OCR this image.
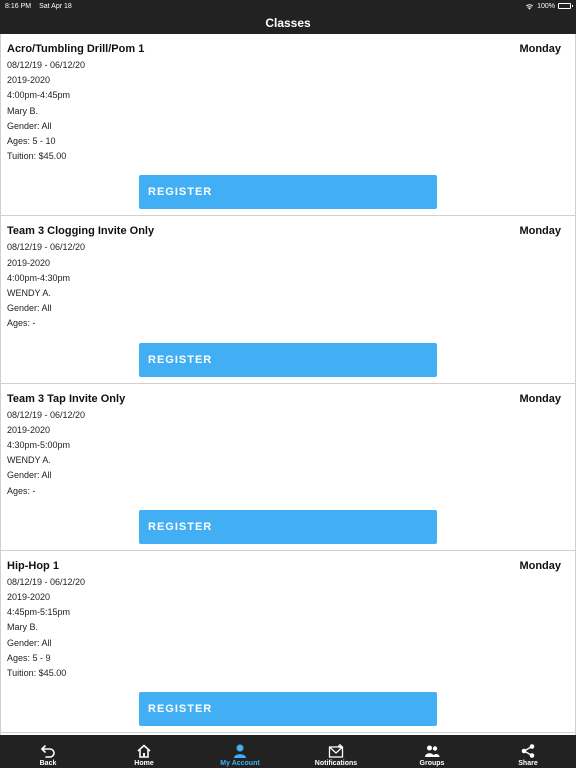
8:16 PM Sat Apr 18	100%
Classes
Acro/Tumbling Drill/Pom 1	Monday
08/12/19 - 06/12/20
2019-2020
4:00pm-4:45pm
Mary B.
Gender: All
Ages: 5 - 10
Tuition: $45.00
REGISTER
Team 3 Clogging Invite Only	Monday
08/12/19 - 06/12/20
2019-2020
4:00pm-4:30pm
WENDY A.
Gender: All
Ages: -
REGISTER
Team 3 Tap Invite Only	Monday
08/12/19 - 06/12/20
2019-2020
4:30pm-5:00pm
WENDY A.
Gender: All
Ages: -
REGISTER
Hip-Hop 1	Monday
08/12/19 - 06/12/20
2019-2020
4:45pm-5:15pm
Mary B.
Gender: All
Ages: 5 - 9
Tuition: $45.00
REGISTER
Back	Home	My Account	Notifications	Groups	Share
